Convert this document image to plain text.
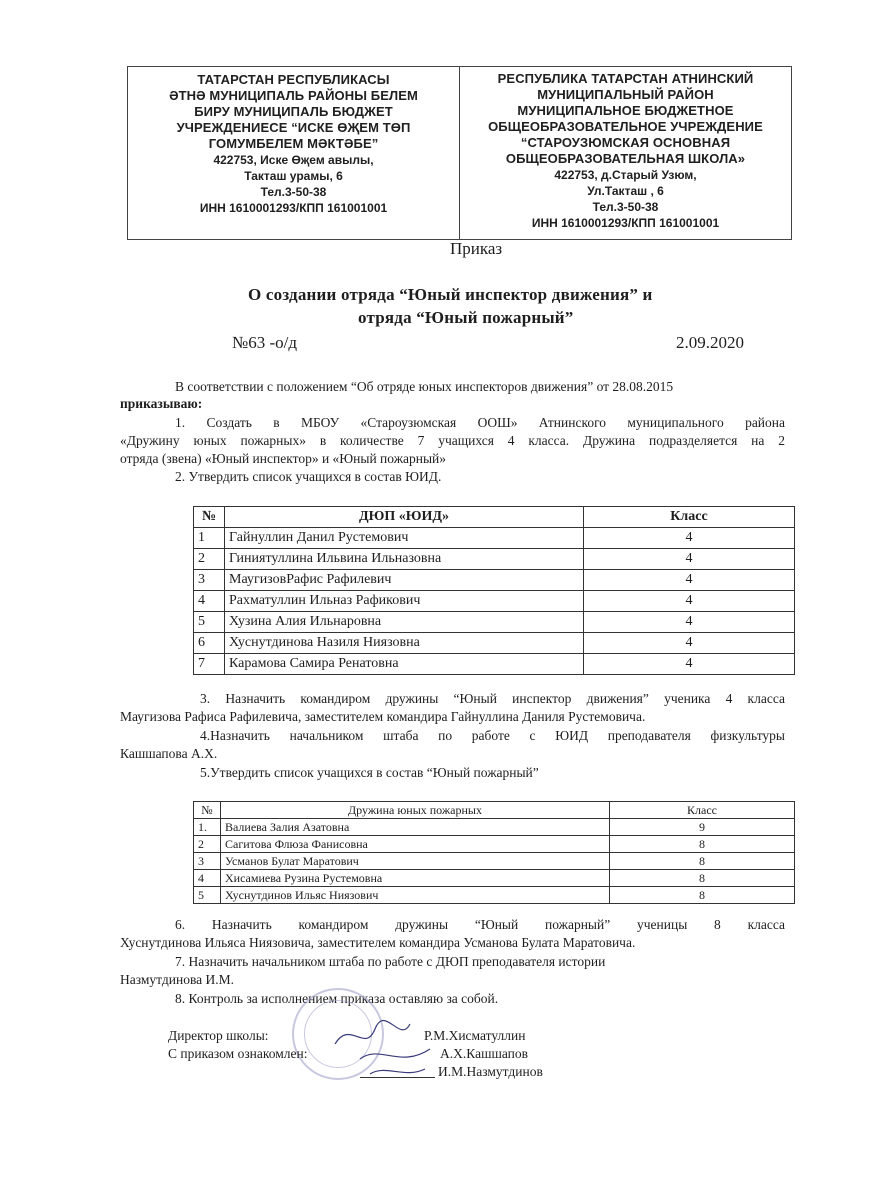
ТАТАРСТАН РЕСПУБЛИКАСЫ
ӘТНӘ МУНИЦИПАЛЬ РАЙОНЫ БЕЛЕМ
БИРУ МУНИЦИПАЛЬ БЮДЖЕТ
УЧРЕЖДЕНИЕСЕ “ИСКЕ ӨҖЕМ ТӨП
ГОМУМБЕЛЕМ МӘКТӘБЕ”
422753, Иске Өҗем авылы,
Такташ урамы, 6
Тел.3-50-38
ИНН 1610001293/КПП 161001001
РЕСПУБЛИКА ТАТАРСТАН АТНИНСКИЙ
МУНИЦИПАЛЬНЫЙ РАЙОН
МУНИЦИПАЛЬНОЕ БЮДЖЕТНОЕ
ОБЩЕОБРАЗОВАТЕЛЬНОЕ УЧРЕЖДЕНИЕ
“СТАРОУЗЮМСКАЯ ОСНОВНАЯ
ОБЩЕОБРАЗОВАТЕЛЬНАЯ ШКОЛА»
422753, д.Старый Узюм,
Ул.Такташ , 6
Тел.3-50-38
ИНН 1610001293/КПП 161001001
Приказ
О создании отряда “Юный инспектор движения” и
отряда “Юный пожарный”
№63 -о/д	2.09.2020
В соответствии с положением “Об отряде юных инспекторов движения” от 28.08.2015
приказываю:
1. Создать в МБОУ «Староузюмская ООШ» Атнинского муниципального района
«Дружину юных пожарных» в количестве 7 учащихся 4 класса. Дружина подразделяется на 2
отряда (звена) «Юный инспектор» и «Юный пожарный»
2. Утвердить список учащихся в состав ЮИД.
№	ДЮП «ЮИД»	Класс
1	Гайнуллин Данил Рустемович	4
2	Гиниятуллина Ильвина Ильназовна	4
3	МаугизовРафис Рафилевич	4
4	Рахматуллин Ильназ Рафикович	4
5	Хузина Алия Ильнаровна	4
6	Хуснутдинова Назиля Ниязовна	4
7	Карамова Самира Ренатовна	4
3. Назначить командиром дружины “Юный инспектор движения” ученика 4 класса
Маугизова Рафиса Рафилевича, заместителем командира Гайнуллина Даниля Рустемовича.
4.Назначить начальником штаба по работе с ЮИД преподавателя физкультуры
Кашшапова А.Х.
5.Утвердить список учащихся в состав “Юный пожарный”
№	Дружина юных пожарных	Класс
1.	Валиева Залия Азатовна	9
2	Сагитова Флюза Фанисовна	8
3	Усманов Булат Маратович	8
4	Хисамиева Рузина Рустемовна	8
5	Хуснутдинов Ильяс Ниязович	8
6. Назначить командиром дружины “Юный пожарный” ученицы 8 класса
Хуснутдинова Ильяса Ниязовича, заместителем командира Усманова Булата Маратовича.
7. Назначить начальником штаба по работе с ДЮП преподавателя истории
Назмутдинова И.М.
8. Контроль за исполнением приказа оставляю за собой.
Директор школы:	Р.М.Хисматуллин
С приказом ознакомлен:	А.Х.Кашшапов
И.М.Назмутдинов
